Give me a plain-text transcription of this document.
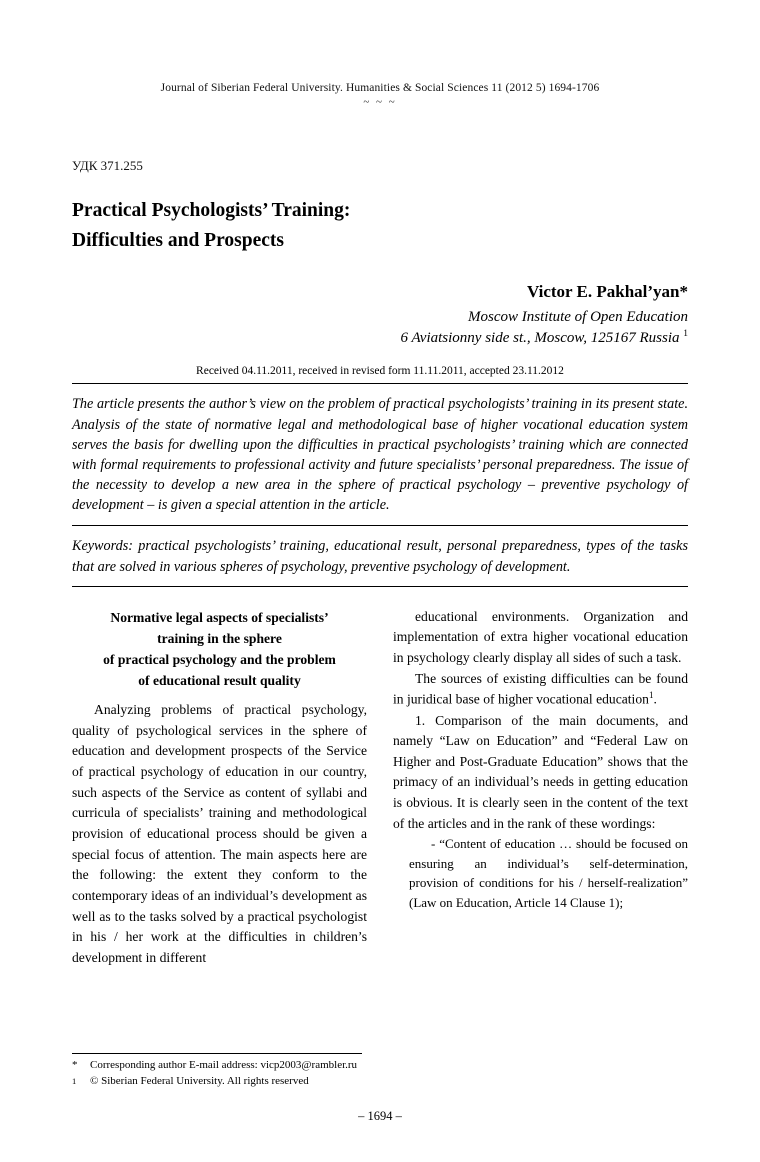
Journal of Siberian Federal University. Humanities & Social Sciences 11 (2012 5) 1694-1706
~ ~ ~
УДК 371.255
Practical Psychologists’ Training:
Difficulties and Prospects
Victor E. Pakhal’yan*
Moscow Institute of Open Education
6 Aviatsionny side st., Moscow, 125167 Russia $^1$
Received 04.11.2011, received in revised form 11.11.2011, accepted 23.11.2012
The article presents the author’s view on the problem of practical psychologists’ training in its present state. Analysis of the state of normative legal and methodological base of higher vocational education system serves the basis for dwelling upon the difficulties in practical psychologists’ training which are connected with formal requirements to professional activity and future specialists’ personal preparedness. The issue of the necessity to develop a new area in the sphere of practical psychology – preventive psychology of development – is given a special attention in the article.
Keywords: practical psychologists’ training, educational result, personal preparedness, types of the tasks that are solved in various spheres of psychology, preventive psychology of development.
Normative legal aspects of specialists’
training in the sphere
of practical psychology and the problem
of educational result quality

Analyzing problems of practical psychology, quality of psychological services in the sphere of education and development prospects of the Service of practical psychology of education in our country, such aspects of the Service as content of syllabi and curricula of specialists’ training and methodological provision of educational process should be given a special focus of attention. The main aspects here are the following: the extent they conform to the contemporary ideas of an individual’s development as well as to the tasks solved by a practical psychologist in his / her work at the difficulties in children’s development in different

educational environments. Organization and implementation of extra higher vocational education in psychology clearly display all sides of such a task.

The sources of existing difficulties can be found in juridical base of higher vocational education$^1$.

1. Comparison of the main documents, and namely “Law on Education” and “Federal Law on Higher and Post-Graduate Education” shows that the primacy of an individual’s needs in getting education is obvious. It is clearly seen in the content of the text of the articles and in the rank of these wordings:

- “Content of education … should be focused on ensuring an individual’s self-determination, provision of conditions for his / herself-realization” (Law on Education, Article 14 Clause 1);

*	Corresponding author E-mail address: vicp2003@rambler.ru
1	© Siberian Federal University. All rights reserved
– 1694 –
